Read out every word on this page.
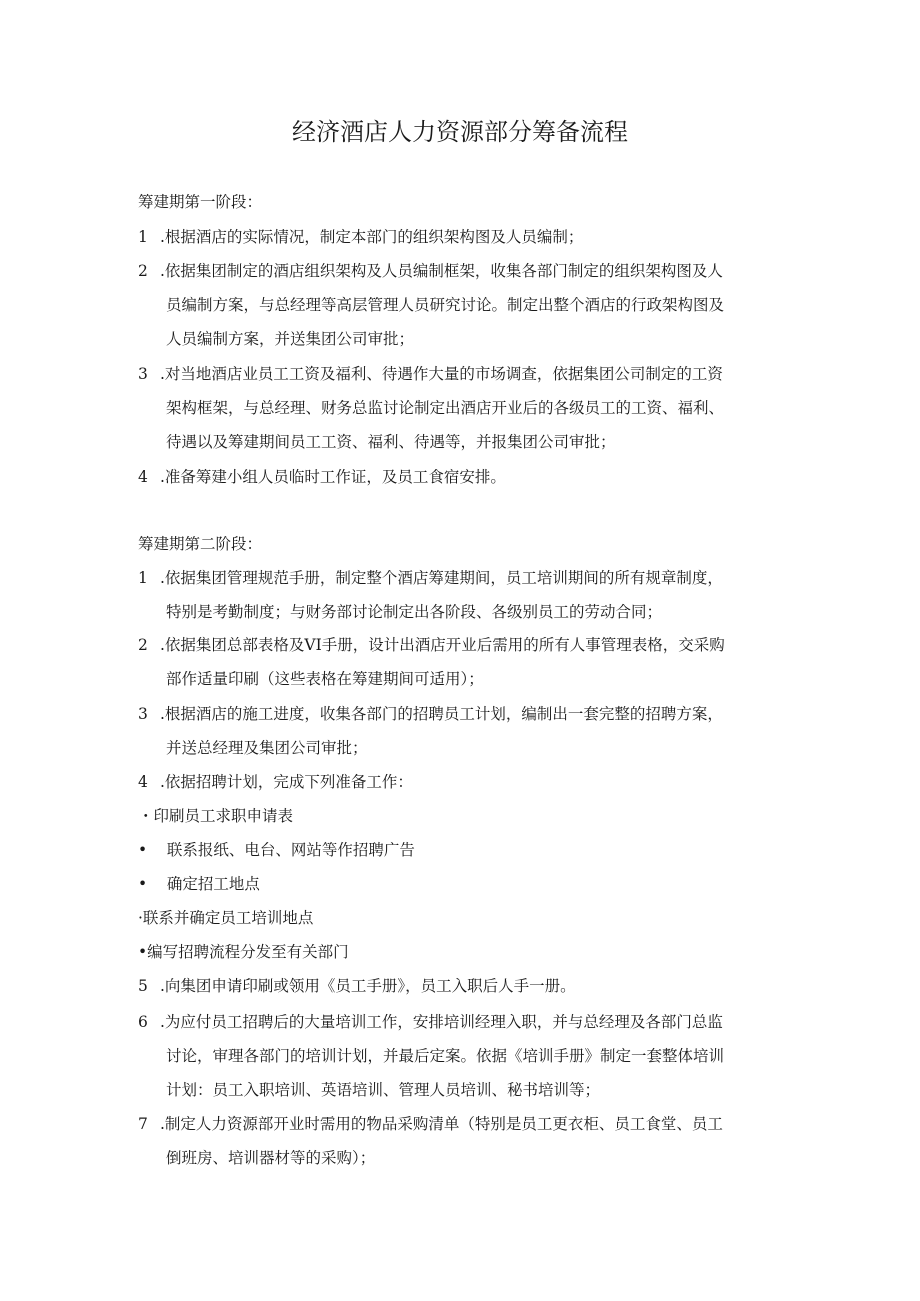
经济酒店人力资源部分筹备流程
筹建期第一阶段：
1 .根据酒店的实际情况，制定本部门的组织架构图及人员编制；
2 .依据集团制定的酒店组织架构及人员编制框架，收集各部门制定的组织架构图及人
员编制方案，与总经理等高层管理人员研究讨论。制定出整个酒店的行政架构图及
人员编制方案，并送集团公司审批；
3 .对当地酒店业员工工资及福利、待遇作大量的市场调查，依据集团公司制定的工资
架构框架，与总经理、财务总监讨论制定出酒店开业后的各级员工的工资、福利、
待遇以及筹建期间员工工资、福利、待遇等，并报集团公司审批；
4 .准备筹建小组人员临时工作证，及员工食宿安排。
筹建期第二阶段：
1 .依据集团管理规范手册，制定整个酒店筹建期间，员工培训期间的所有规章制度，
特别是考勤制度；与财务部讨论制定出各阶段、各级别员工的劳动合同；
2 .依据集团总部表格及VI手册，设计出酒店开业后需用的所有人事管理表格，交采购
部作适量印刷（这些表格在筹建期间可适用）；
3 .根据酒店的施工进度，收集各部门的招聘员工计划，编制出一套完整的招聘方案，
并送总经理及集团公司审批；
4 .依据招聘计划，完成下列准备工作：
・印刷员工求职申请表
•    联系报纸、电台、网站等作招聘广告
•    确定招工地点
·联系并确定员工培训地点
•编写招聘流程分发至有关部门
5 .向集团申请印刷或领用《员工手册》，员工入职后人手一册。
6 .为应付员工招聘后的大量培训工作，安排培训经理入职，并与总经理及各部门总监
讨论，审理各部门的培训计划，并最后定案。依据《培训手册》制定一套整体培训
计划：员工入职培训、英语培训、管理人员培训、秘书培训等；
7 .制定人力资源部开业时需用的物品采购清单（特别是员工更衣柜、员工食堂、员工
倒班房、培训器材等的采购）；
